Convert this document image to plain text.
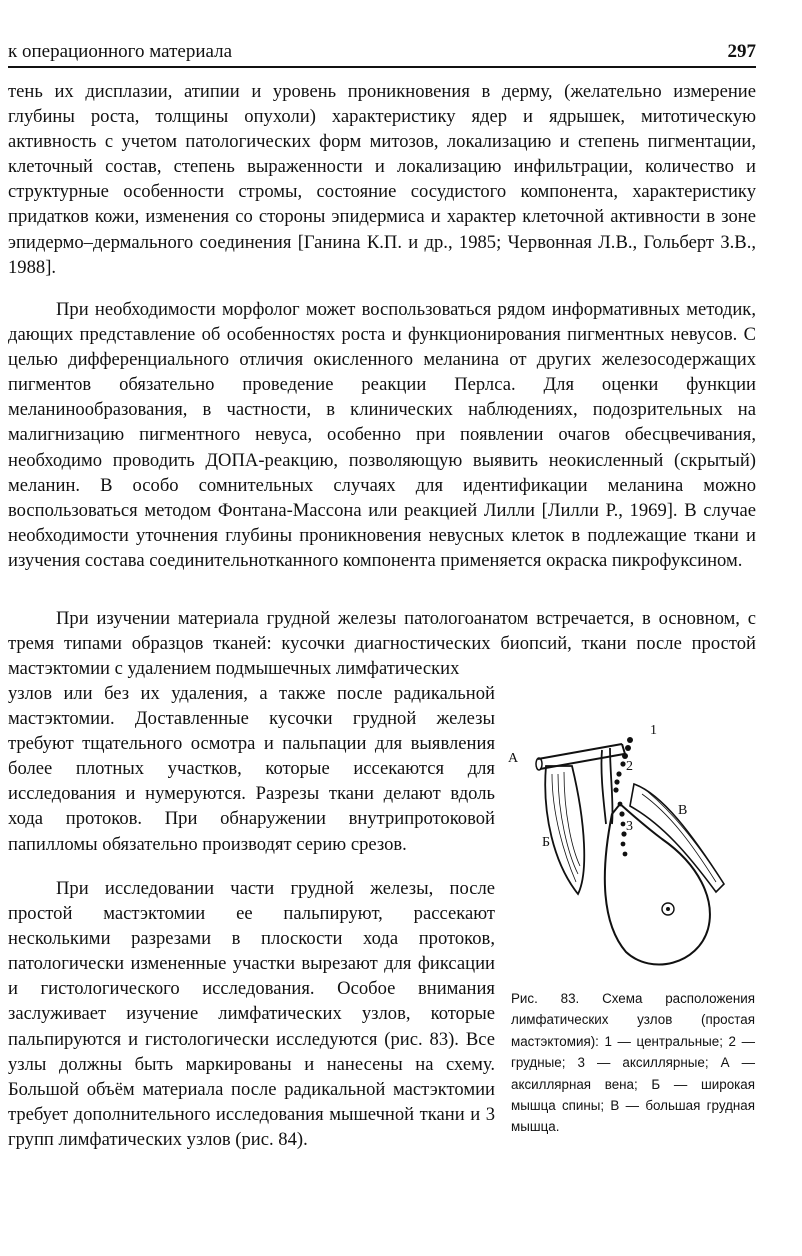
к операционного материала	297

тень их дисплазии, атипии и уровень проникновения в дерму, (желательно измерение глубины роста, толщины опухоли) характеристику ядер и ядрышек, митотическую активность с учетом патологических форм митозов, локализацию и степень пигментации, клеточный состав, степень выраженности и локализацию инфильтрации, количество и структурные особенности стромы, состояние сосудистого компонента, характеристику придатков кожи, изменения со стороны эпидермиса и характер клеточной активности в зоне эпидермо–дермального соединения [Ганина К.П. и др., 1985; Червонная Л.В., Гольберт З.В., 1988].

При необходимости морфолог может воспользоваться рядом информативных методик, дающих представление об особенностях роста и функционирования пигментных невусов. С целью дифференциального отличия окисленного меланина от других железосодержащих пигментов обязательно проведение реакции Перлса. Для оценки функции меланинообразования, в частности, в клинических наблюдениях, подозрительных на малигнизацию пигментного невуса, особенно при появлении очагов обесцвечивания, необходимо проводить ДОПА-реакцию, позволяющую выявить неокисленный (скрытый) меланин. В особо сомнительных случаях для идентификации меланина можно воспользоваться методом Фонтана-Массона или реакцией Лилли [Лилли Р., 1969]. В случае необходимости уточнения глубины проникновения невусных клеток в подлежащие ткани и изучения состава соединительнотканного компонента применяется окраска пикрофуксином.

При изучении материала грудной железы патологоанатом встречается, в основном, с тремя типами образцов тканей: кусочки диагностических биопсий, ткани после простой мастэктомии с удалением подмышечных лимфатических

узлов или без их удаления, а также после радикальной мастэктомии. Доставленные кусочки грудной железы требуют тщательного осмотра и пальпации для выявления более плотных участков, которые иссекаются для исследования и нумеруются. Разрезы ткани делают вдоль хода протоков. При обнаружении внутрипротоковой папилломы обязательно производят серию срезов.

При исследовании части грудной железы, после простой мастэктомии ее пальпируют, рассекают несколькими разрезами в плоскости хода протоков, патологически измененные участки вырезают для фиксации и гистологического исследования. Особое внимания заслуживает изучение лимфатических узлов, которые пальпируются и гистологически исследуются (рис. 83). Все узлы должны быть маркированы и нанесены на схему. Большой объём материала после радикальной мастэктомии требует дополнительного исследования мышечной ткани и 3 групп лимфатических узлов (рис. 84).

1
2
3
А
Б
В

Рис. 83. Схема расположения лимфатических узлов (простая мастэктомия): 1 — центральные; 2 — грудные; 3 — аксиллярные; А — аксиллярная вена; Б — широкая мышца спины; В — большая грудная мышца.
